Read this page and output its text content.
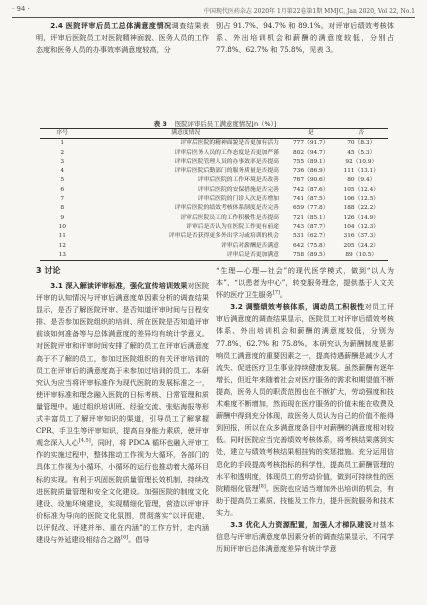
· 94 ·	中国现代医药杂志 2020年 1月第22卷第1期 MMJC, Jan 2020, Vol 22, No.1

2.4 医院评审后员工总体满意度情况调查结果表明，评审后医院员工对医院精神面貌、医务人员的工作态度和医务人员的办事效率满意度较高，分

别占 91.7%、94.7% 和 89.1%。对评审后绩效考核体系、外出培训机会和薪酬的满意度较低，分别占 77.8%、62.7% 和 75.8%，见表 3。

表 3 医院评审后员工满意度情况[n（%）]
序号	满意度情况	是	否
1	评审后医院的精神面貌是否更加有活力	777（91.7）	70（8.3）
2	评审后医务人员的工作态度是否更加严谨	802（94.7）	45（5.3）
3	评审后医院管理人员的办事效率是否提高	755（89.1）	92（10.9）
4	评审后医院后勤部门的服务质量是否提高	736（86.9）	111（13.1）
5	评审后医院的工作环境是否改善	767（90.6）	80（9.4）
6	评审后医院的安保措施是否完善	742（87.6）	105（12.4）
7	评审后医院的门诊人次是否增加	741（87.5）	106（12.5）
8	评审后医院的绩效考核体系制度是否完善	659（77.8）	188（22.2）
9	评审后医院员工的工作积极性是否提高	721（85.1）	126（14.9）
10	评审后是否认为在医院工作更有前途	743（87.7）	104（12.3）
11	评审后是否获得更多外出学习或培训的机会	531（62.7）	316（37.3）
12	评审后对薪酬是否满意	642（75.8）	205（24.2）
13	评审后是否更加满意	758（89.5）	89（10.5）
3 讨论

3.1 深入解读评审标准，强化宣传培训效果对医院评审的认知情况与评审后满意度单因素分析的调查结果显示，是否了解医院评审、是否知道评审时间与日程安排、是否参加医院组织的培训、所在医院是否知道评审前该如何准备等与总体满意度的差异均有统计学意义。对医院评审和评审时间安排了解的员工在评审后满意度高于不了解的员工，参加过医院组织的有关评审培训的员工在评审后的满意度高于未参加过培训的员工。本研究认为应当将评审标准作为现代医院的发展标准之一，使评审标准和理念融入医院的日标考核、日常管理和质量管理中。通过组织培训班、经验交流、张贴海报等形式丰富员工了解评审知识的渠道，引导员工了解掌握 CPR、手卫生等评审知识，提高自身能力素质，使评审观念深入人心[4,5]。同时，将 PDCA 循环也融入评审工作的实施过程中，整体推动工作视为大循环，各部门的具体工作视为小循环，小循环的运行也推动着大循环目标的实现。有利于巩固医院质量管理长效机制，持续改进医院质量管理和安全文化建设。加强医院的制度文化建设、设施环境建设，实现精细化管理，营造以评审评价标准为导向的医院文化氛围，贯彻落实“以评促建、以评促改、评建并举、重在内涵”的工作方针，走内涵建设与外延建设相结合之路[6]。倡导

“生理—心理—社会”的现代医学模式，做到“以人为本”、“以患者为中心”，转变服务理念，提供基于人文关怀的医疗卫生服务[7]。

3.2 调整绩效考核体系，调动员工积极性对员工评审后满意度的调查结果显示，医院员工对评审后绩效考核体系、外出培训机会和薪酬的满意度较低，分别为 77.8%、62.7% 和 75.8%。本研究认为薪酬制度是影响员工满意度的重要因素之一，提高待遇薪酬是减少人才流失、促进医疗卫生事业持续健康发展。虽然薪酬有逐年增长，但近年来随着社会对医疗服务的需求和期望值不断提高，医务人员的职责范围也在不断扩大，劳动强度和技术难度不断增加，然而现在医疗服务的价值未能在收费及薪酬中得到充分体现，故医务人员认为自己的价值不能得到回报，所以在众多满意度条目中对薪酬的满意度相对较低。同时医院应当完善绩效考核体系，将考核结果落到实处，建立与绩效考核结果相挂钩的奖惩措施。充分运用信息化的手段提高考核指标的科学性，提高员工薪酬管理的水平和透明度，体现员工的劳动价值，做到可持续性的医院精细化管理[8]。医院也应适当增加外出培训的机会，有助于提高员工素质、技能及工作力，提升医院服务和技术实力。

3.3 优化人力资源配置，加强人才梯队建设对基本信息与评审后满意度单因素分析的调查结果显示，不同学历间评审后总体满意度差异有统计学意
